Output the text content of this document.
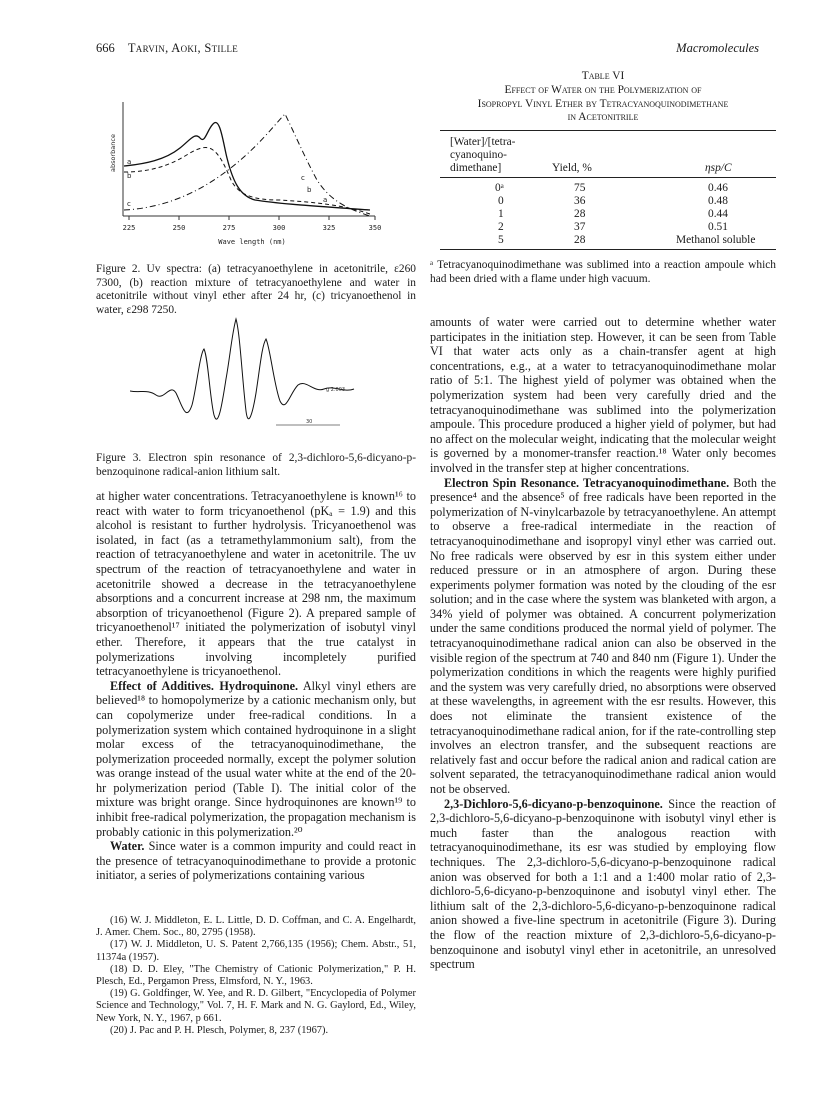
666 Tarvin, Aoki, Stille	Macromolecules
a
b
c
b
c
a
absorbance
225	250	275	300	325	350
Wave length (nm)
Figure 2. Uv spectra: (a) tetracyanoethylene in acetonitrile, ε260 7300, (b) reaction mixture of tetracyanoethylene and water in acetonitrile without vinyl ether after 24 hr, (c) tricyanoethenol in water, ε298 7250.
30
g 2.003
Figure 3. Electron spin resonance of 2,3-dichloro-5,6-dicyano-p-benzoquinone radical-anion lithium salt.
Table VI
Effect of Water on the Polymerization of
Isopropyl Vinyl Ether by Tetracyanoquinodimethane
in Acetonitrile
[Water]/[tetra-
cyanoquino-
dimethane]	Yield, %	ηsp/C
0ᵃ	75	0.46
0	36	0.48
1	28	0.44
2	37	0.51
5	28	Methanol soluble
ᵃ Tetracyanoquinodimethane was sublimed into a reaction ampoule which had been dried with a flame under high vacuum.

at higher water concentrations. Tetracyanoethylene is known¹⁶ to react with water to form tricyanoethenol (pKₐ = 1.9) and this alcohol is resistant to further hydrolysis. Tricyanoethenol was isolated, in fact (as a tetramethylammonium salt), from the reaction of tetracyanoethylene and water in acetonitrile. The uv spectrum of the reaction of tetracyanoethylene and water in acetonitrile showed a decrease in the tetracyanoethylene absorptions and a concurrent increase at 298 nm, the maximum absorption of tricyanoethenol (Figure 2). A prepared sample of tricyanoethenol¹⁷ initiated the polymerization of isobutyl vinyl ether. Therefore, it appears that the true catalyst in polymerizations involving incompletely purified tetracyanoethylene is tricyanoethenol.

Effect of Additives. Hydroquinone. Alkyl vinyl ethers are believed¹⁸ to homopolymerize by a cationic mechanism only, but can copolymerize under free-radical conditions. In a polymerization system which contained hydroquinone in a slight molar excess of the tetracyanoquinodimethane, the polymerization proceeded normally, except the polymer solution was orange instead of the usual water white at the end of the 20-hr polymerization period (Table I). The initial color of the mixture was bright orange. Since hydroquinones are known¹⁹ to inhibit free-radical polymerization, the propagation mechanism is probably cationic in this polymerization.²⁰

Water. Since water is a common impurity and could react in the presence of tetracyanoquinodimethane to provide a protonic initiator, a series of polymerizations containing various

(16) W. J. Middleton, E. L. Little, D. D. Coffman, and C. A. Engelhardt, J. Amer. Chem. Soc., 80, 2795 (1958).
(17) W. J. Middleton, U. S. Patent 2,766,135 (1956); Chem. Abstr., 51, 11374a (1957).
(18) D. D. Eley, "The Chemistry of Cationic Polymerization," P. H. Plesch, Ed., Pergamon Press, Elmsford, N. Y., 1963.
(19) G. Goldfinger, W. Yee, and R. D. Gilbert, "Encyclopedia of Polymer Science and Technology," Vol. 7, H. F. Mark and N. G. Gaylord, Ed., Wiley, New York, N. Y., 1967, p 661.
(20) J. Pac and P. H. Plesch, Polymer, 8, 237 (1967).

amounts of water were carried out to determine whether water participates in the initiation step. However, it can be seen from Table VI that water acts only as a chain-transfer agent at high concentrations, e.g., at a water to tetracyanoquinodimethane molar ratio of 5:1. The highest yield of polymer was obtained when the polymerization system had been very carefully dried and the tetracyanoquinodimethane was sublimed into the polymerization ampoule. This procedure produced a higher yield of polymer, but had no affect on the molecular weight, indicating that the molecular weight is governed by a monomer-transfer reaction.¹⁸ Water only becomes involved in the transfer step at higher concentrations.

Electron Spin Resonance. Tetracyanoquinodimethane. Both the presence⁴ and the absence⁵ of free radicals have been reported in the polymerization of N-vinylcarbazole by tetracyanoethylene. An attempt to observe a free-radical intermediate in the reaction of tetracyanoquinodimethane and isopropyl vinyl ether was carried out. No free radicals were observed by esr in this system either under reduced pressure or in an atmosphere of argon. During these experiments polymer formation was noted by the clouding of the esr solution; and in the case where the system was blanketed with argon, a 34% yield of polymer was obtained. A concurrent polymerization under the same conditions produced the normal yield of polymer. The tetracyanoquinodimethane radical anion can also be observed in the visible region of the spectrum at 740 and 840 nm (Figure 1). Under the polymerization conditions in which the reagents were highly purified and the system was very carefully dried, no absorptions were observed at these wavelengths, in agreement with the esr results. However, this does not eliminate the transient existence of the tetracyanoquinodimethane radical anion, for if the rate-controlling step involves an electron transfer, and the subsequent reactions are relatively fast and occur before the radical anion and radical cation are solvent separated, the tetracyanoquinodimethane radical anion would not be observed.

2,3-Dichloro-5,6-dicyano-p-benzoquinone. Since the reaction of 2,3-dichloro-5,6-dicyano-p-benzoquinone with isobutyl vinyl ether is much faster than the analogous reaction with tetracyanoquinodimethane, its esr was studied by employing flow techniques. The 2,3-dichloro-5,6-dicyano-p-benzoquinone radical anion was observed for both a 1:1 and a 1:400 molar ratio of 2,3-dichloro-5,6-dicyano-p-benzoquinone and isobutyl vinyl ether. The lithium salt of the 2,3-dichloro-5,6-dicyano-p-benzoquinone radical anion showed a five-line spectrum in acetonitrile (Figure 3). During the flow of the reaction mixture of 2,3-dichloro-5,6-dicyano-p-benzoquinone and isobutyl vinyl ether in acetonitrile, an unresolved spectrum
